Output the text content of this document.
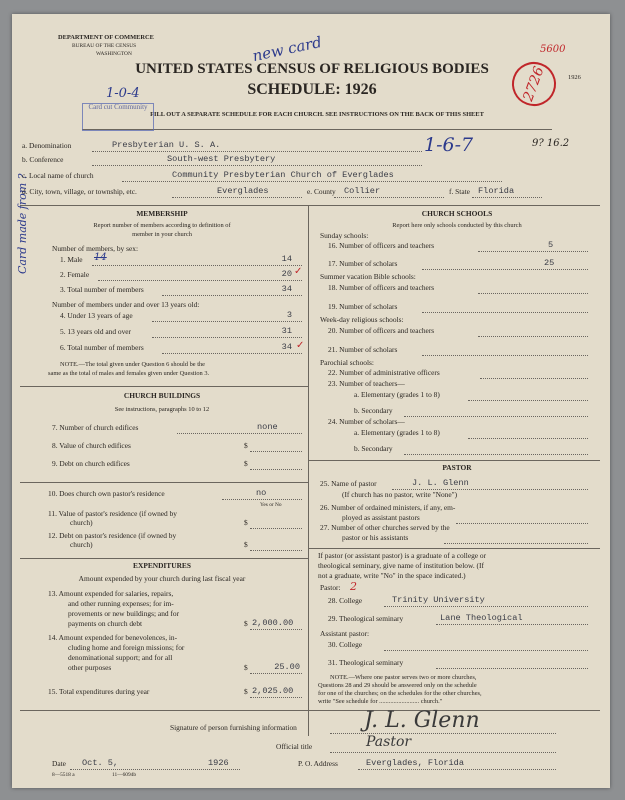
DEPARTMENT OF COMMERCE
BUREAU OF THE CENSUS
WASHINGTON
UNITED STATES CENSUS OF RELIGIOUS BODIES
SCHEDULE: 1926
FILL OUT A SEPARATE SCHEDULE FOR EACH CHURCH. SEE INSTRUCTIONS ON THE BACK OF THIS SHEET
Card cut Community
new card
1-0-4
1-6-7	9? 16.2
Card made from ?
2726
5600
1926
a. Denomination	Presbyterian U. S. A.
b. Conference	South-west Presbytery
c. Local name of church	Community Presbyterian Church of Everglades
d. City, town, village, or township, etc.	Everglades	e. County Collier	f. State Florida
MEMBERSHIP
Report number of members according to definition of
member in your church
Number of members, by sex:
1. Male 14	14
2. Female	20 ✓
3. Total number of members	34
Number of members under and over 13 years old:
4. Under 13 years of age	3
5. 13 years old and over	31
6. Total number of members	34 ✓
NOTE.—The total given under Question 6 should be the
same as the total of males and females given under Question 3.
CHURCH BUILDINGS
See instructions, paragraphs 10 to 12
7. Number of church edifices	none
8. Value of church edifices	$
9. Debt on church edifices	$
10. Does church own pastor's residence	no
Yes or No
11. Value of pastor's residence (if owned by
church)	$
12. Debt on pastor's residence (if owned by
church)	$
EXPENDITURES
Amount expended by your church during last fiscal year
13. Amount expended for salaries, repairs,
and other running expenses; for im-
provements or new buildings; and for
payments on church debt	$ 2,000.00
14. Amount expended for benevolences, in-
cluding home and foreign missions; for
denominational support; and for all
other purposes	$	25.00
15. Total expenditures during year	$ 2,025.00
CHURCH SCHOOLS
Report here only schools conducted by this church
Sunday schools:
16. Number of officers and teachers	5
17. Number of scholars	25
Summer vacation Bible schools:
18. Number of officers and teachers
19. Number of scholars
Week-day religious schools:
20. Number of officers and teachers
21. Number of scholars
Parochial schools:
22. Number of administrative officers
23. Number of teachers—
a. Elementary (grades 1 to 8)
b. Secondary
24. Number of scholars—
a. Elementary (grades 1 to 8)
b. Secondary
PASTOR
25. Name of pastor	J. L. Glenn
(If church has no pastor, write "None")
26. Number of ordained ministers, if any, em-
ployed as assistant pastors
27. Number of other churches served by the
pastor or his assistants
If pastor (or assistant pastor) is a graduate of a college or
theological seminary, give name of institution below. (If
not a graduate, write "No" in the space indicated.)
Pastor: 2
28. College	Trinity University
29. Theological seminary	Lane Theological
Assistant pastor:
30. College
31. Theological seminary
NOTE.—Where one pastor serves two or more churches,
Questions 28 and 29 should be answered only on the schedule
for one of the churches; on the schedules for the other churches,
write "See schedule for ......................... church."
Signature of person furnishing information	J. L. Glenn
Official title	Pastor
Date Oct. 5,	1926	P. O. Address	Everglades, Florida
8—5518 a	11—6094b
